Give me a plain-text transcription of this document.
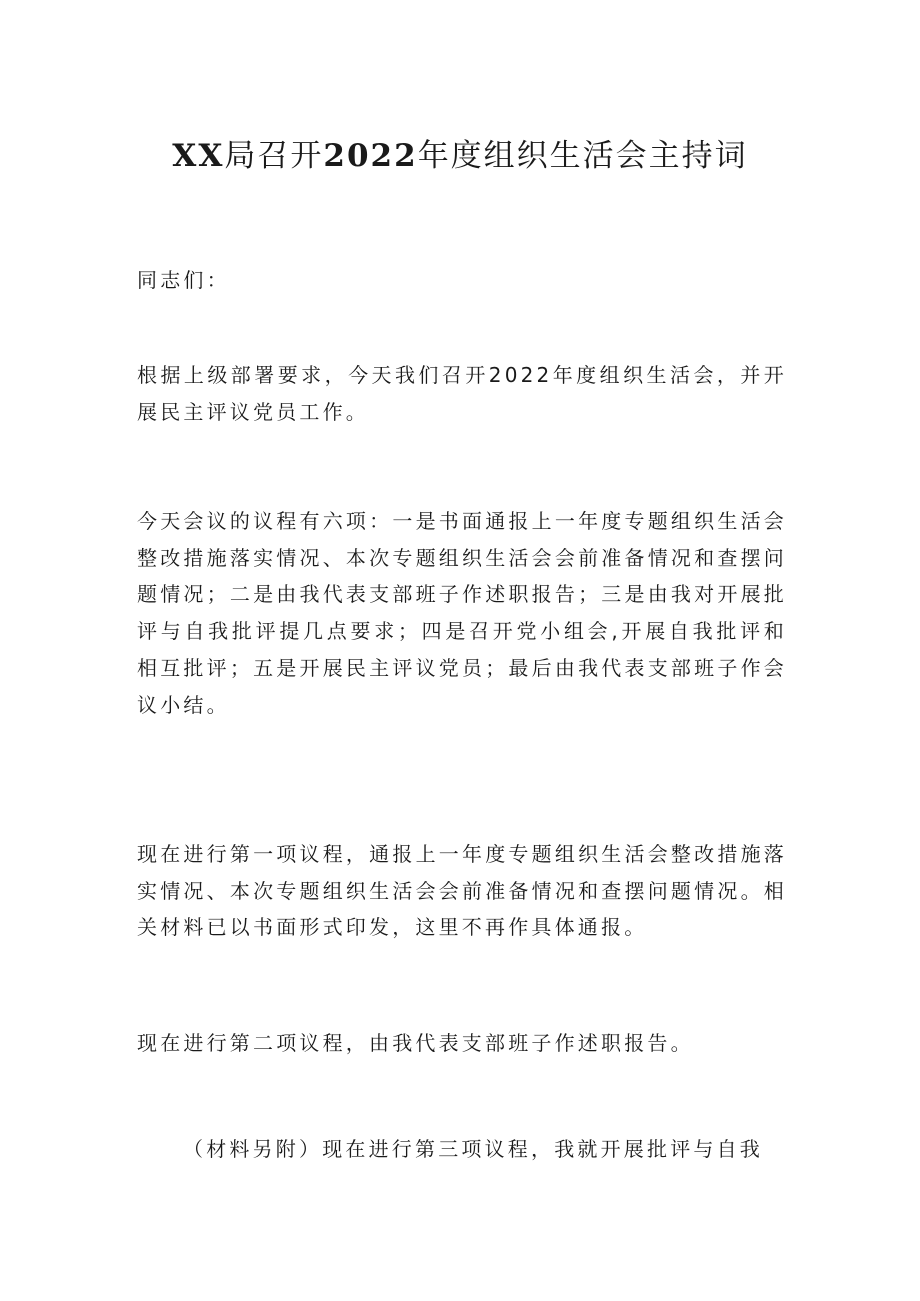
XX局召开2022年度组织生活会主持词

同志们：

根据上级部署要求，今天我们召开2022年度组织生活会，并开展民主评议党员工作。

今天会议的议程有六项：一是书面通报上一年度专题组织生活会整改措施落实情况、本次专题组织生活会会前准备情况和查摆问题情况；二是由我代表支部班子作述职报告；三是由我对开展批评与自我批评提几点要求；四是召开党小组会,开展自我批评和相互批评；五是开展民主评议党员；最后由我代表支部班子作会议小结。

现在进行第一项议程，通报上一年度专题组织生活会整改措施落实情况、本次专题组织生活会会前准备情况和查摆问题情况。相关材料已以书面形式印发，这里不再作具体通报。

现在进行第二项议程，由我代表支部班子作述职报告。

（材料另附）现在进行第三项议程，我就开展批评与自我
